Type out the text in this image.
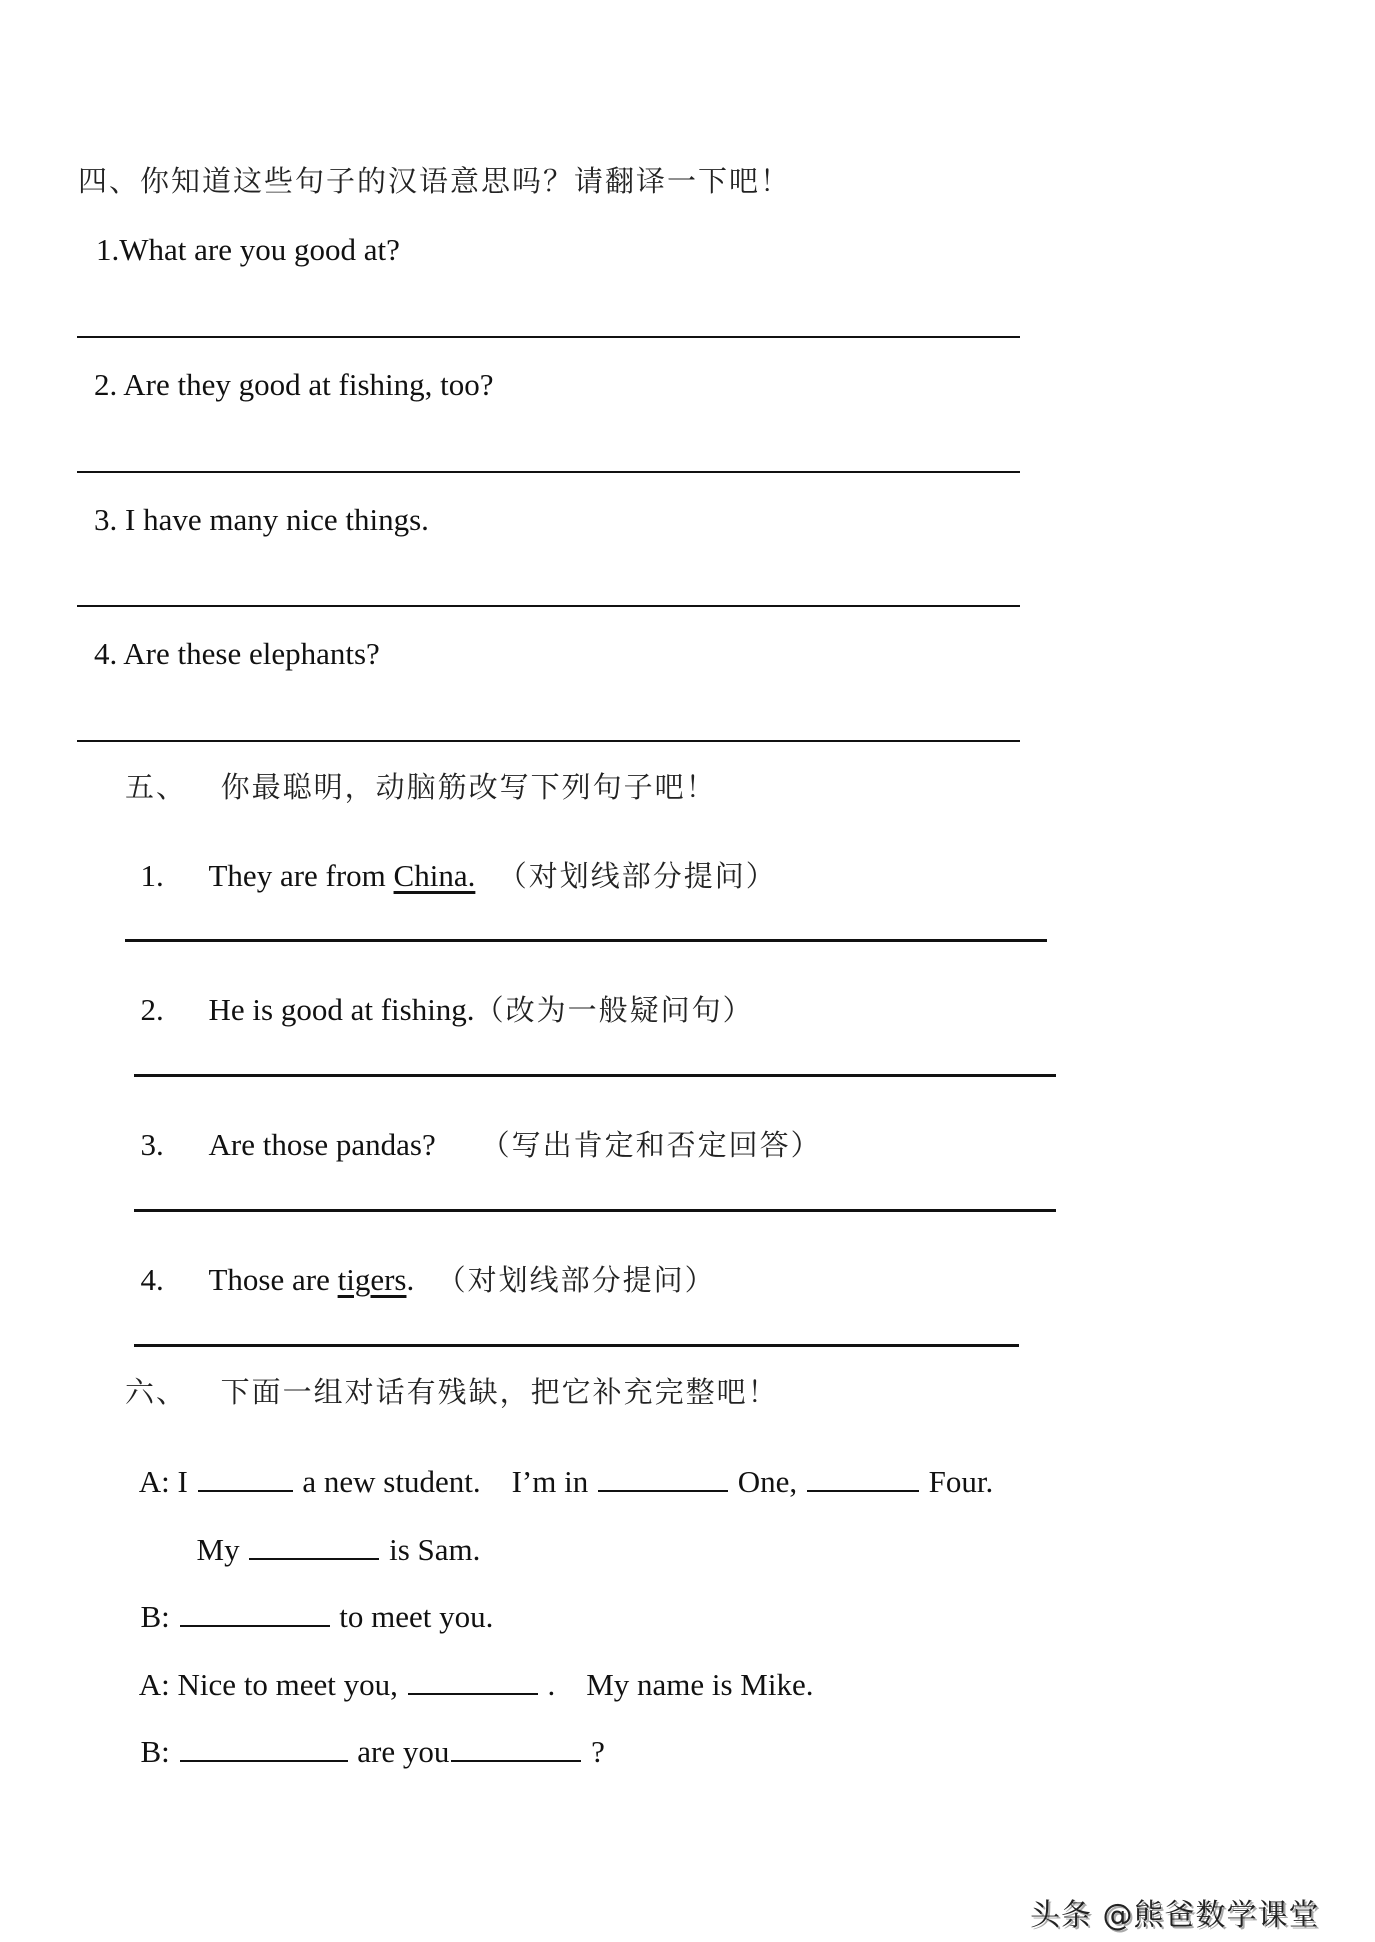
四、你知道这些句子的汉语意思吗？请翻译一下吧！
1.What are you good at?
2. Are they good at fishing, too?
3. I have many nice things.
4. Are these elephants?
五、   你最聪明，动脑筋改写下列句子吧！

1. They are from China.  （对划线部分提问）

2. He is good at fishing.（改为一般疑问句）

3. Are those pandas?    （写出肯定和否定回答）

4. Those are tigers.  （对划线部分提问）

六、   下面一组对话有残缺，把它补充完整吧！

A: I	a new student.    I’m in	One,	Four.

My	is Sam.

B:	to meet you.

A: Nice to meet you,	.    My name is Mike.

B:	are you	?

头条 @熊爸数学课堂
